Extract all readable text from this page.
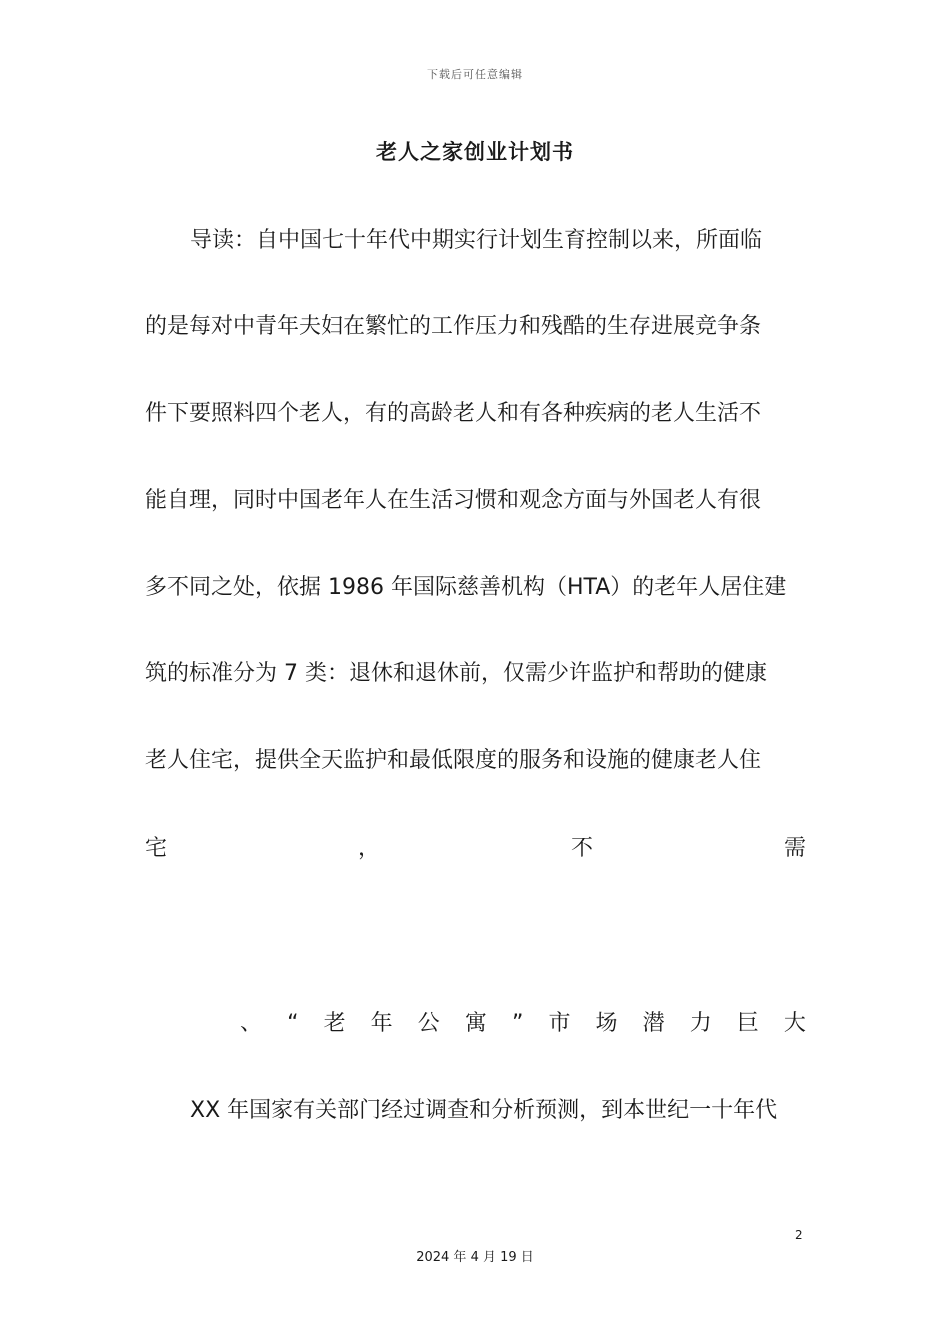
下载后可任意编辑
老人之家创业计划书
导读：自中国七十年代中期实行计划生育控制以来，所面临
的是每对中青年夫妇在繁忙的工作压力和残酷的生存进展竞争条
件下要照料四个老人，有的高龄老人和有各种疾病的老人生活不
能自理，同时中国老年人在生活习惯和观念方面与外国老人有很
多不同之处，依据 1986 年国际慈善机构（HTA）的老年人居住建
筑的标准分为 7 类：退休和退休前，仅需少许监护和帮助的健康
老人住宅，提供全天监护和最低限度的服务和设施的健康老人住
宅	，	不	需
、 “ 老 年 公 寓 ” 市 场 潜 力 巨 大
XX 年国家有关部门经过调查和分析预测，到本世纪一十年代
2
2024 年 4 月 19 日
